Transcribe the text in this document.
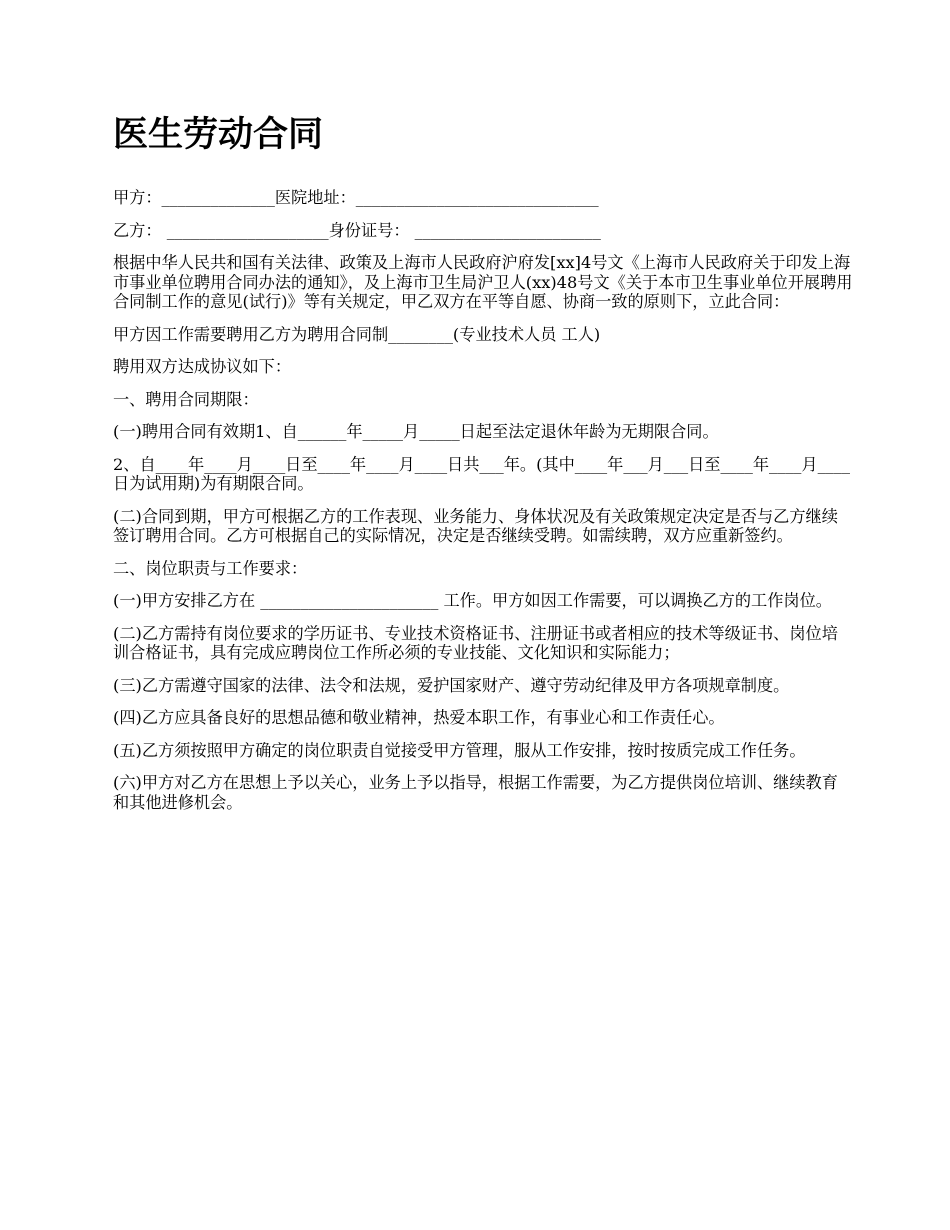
医生劳动合同

甲方：______________医院地址：______________________________

乙方： ____________________身份证号： _______________________

根据中华人民共和国有关法律、政策及上海市人民政府沪府发[xx]4号文《上海市人民政府关于印发上海市事业单位聘用合同办法的通知》，及上海市卫生局沪卫人(xx)48号文《关于本市卫生事业单位开展聘用合同制工作的意见(试行)》等有关规定，甲乙双方在平等自愿、协商一致的原则下，立此合同：

甲方因工作需要聘用乙方为聘用合同制________(专业技术人员 工人)

聘用双方达成协议如下：

一、聘用合同期限：

(一)聘用合同有效期1、自______年_____月_____日起至法定退休年龄为无期限合同。

2、自____年____月____日至____年____月____日共___年。(其中____年___月___日至____年____月____日为试用期)为有期限合同。

(二)合同到期，甲方可根据乙方的工作表现、业务能力、身体状况及有关政策规定决定是否与乙方继续签订聘用合同。乙方可根据自己的实际情况，决定是否继续受聘。如需续聘，双方应重新签约。

二、岗位职责与工作要求：

(一)甲方安排乙方在 ______________________ 工作。甲方如因工作需要，可以调换乙方的工作岗位。

(二)乙方需持有岗位要求的学历证书、专业技术资格证书、注册证书或者相应的技术等级证书、岗位培训合格证书，具有完成应聘岗位工作所必须的专业技能、文化知识和实际能力；

(三)乙方需遵守国家的法律、法令和法规，爱护国家财产、遵守劳动纪律及甲方各项规章制度。

(四)乙方应具备良好的思想品德和敬业精神，热爱本职工作，有事业心和工作责任心。

(五)乙方须按照甲方确定的岗位职责自觉接受甲方管理，服从工作安排，按时按质完成工作任务。

(六)甲方对乙方在思想上予以关心，业务上予以指导，根据工作需要，为乙方提供岗位培训、继续教育和其他进修机会。
